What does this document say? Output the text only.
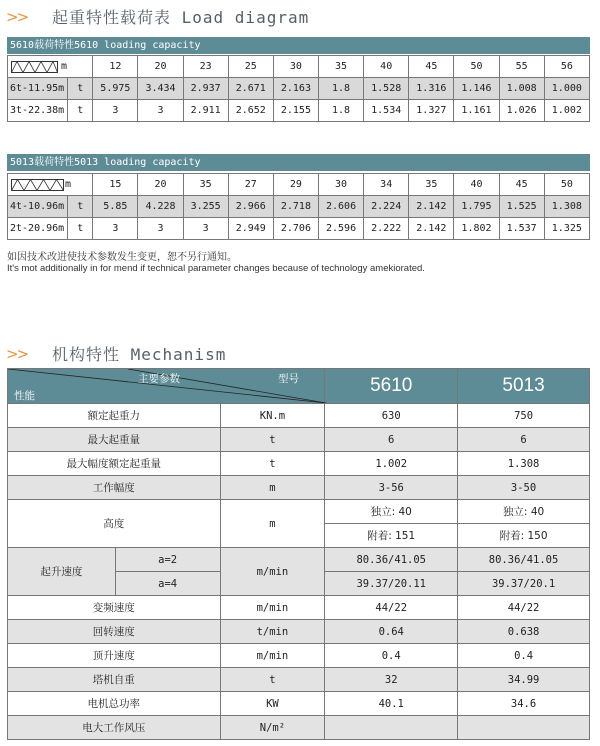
>>	起重特性载荷表 Load diagram
5610载荷特性5610 loading capacity
m		12	20	23	25	30	35	40	45	50	55	56
6t-11.95m	t	5.975	3.434	2.937	2.671	2.163	1.8	1.528	1.316	1.146	1.008	1.000
3t-22.38m	t	3	3	2.911	2.652	2.155	1.8	1.534	1.327	1.161	1.026	1.002
5013载荷特性5013 loading capacity
m		15	20	35	27	29	30	34	35	40	45	50
4t-10.96m	t	5.85	4.228	3.255	2.966	2.718	2.606	2.224	2.142	1.795	1.525	1.308
2t-20.96m	t	3	3	3	2.949	2.706	2.596	2.222	2.142	1.802	1.537	1.325
如因技术改进使技术参数发生变更，恕不另行通知。
It's mot additionally in for mend if technical parameter changes because of technology amekiorated.
>>	机构特性 Mechanism
主要参数 型号
性能			5610	5013
额定起重力		KN.m	630	750
最大起重量		t	6	6
最大幅度额定起重量		t	1.002	1.308
工作幅度		m	3-56	3-50
高度		m	独立: 40	独立: 40
			附着: 151	附着: 150
起升速度	a=2	m/min	80.36/41.05	80.36/41.05
	a=4		39.37/20.11	39.37/20.1
变频速度		m/min	44/22	44/22
回转速度		t/min	0.64	0.638
顶升速度		m/min	0.4	0.4
塔机自重		t	32	34.99
电机总功率		KW	40.1	34.6
电大工作风压		N/m²		
